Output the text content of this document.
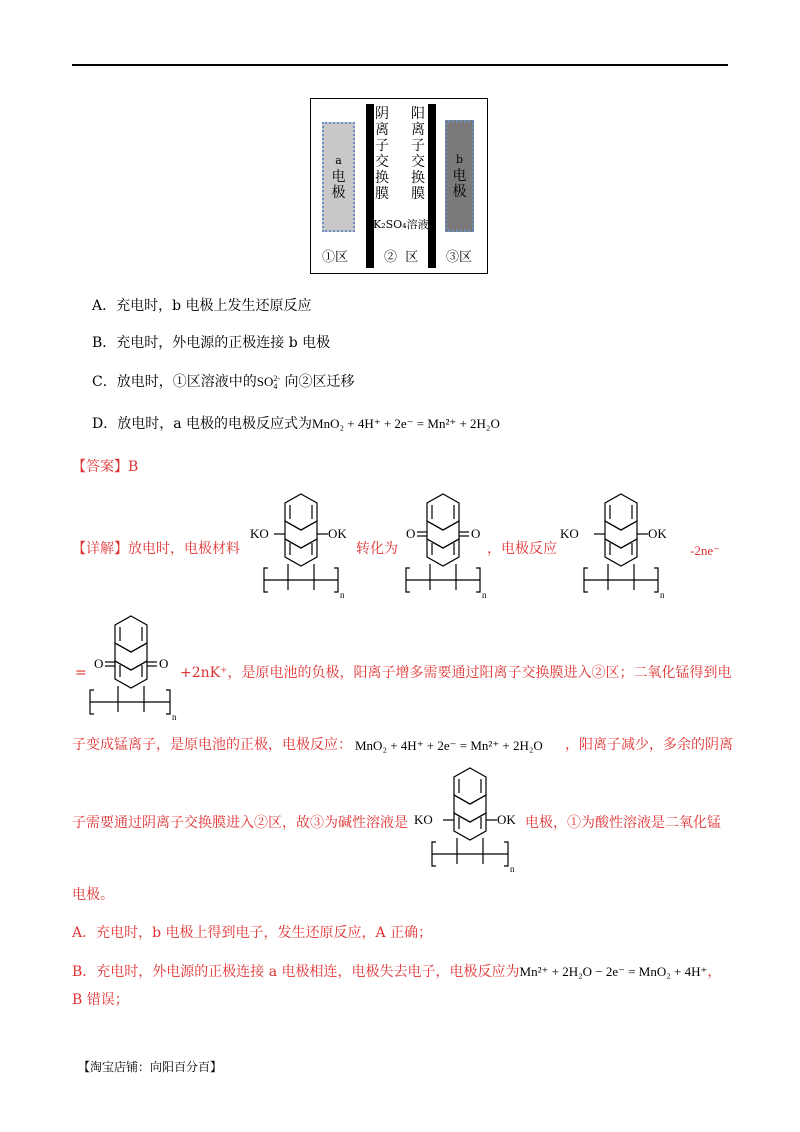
a
电极
b
电极
阴离子交换膜
阳离子交换膜
K₂SO₄溶液
①区	②  区 ③区
A．充电时，b 电极上发生还原反应
B．充电时，外电源的正极连接 b 电极
C．放电时，①区溶液中的SO 2-
4 向②区迁移
D．放电时，a 电极的电极反应式为MnO₂ + 4H⁺ + 2e⁻ = Mn²⁺ + 2H₂O
【答案】B
【详解】放电时，电极材料	转化为	，电极反应	-2ne⁻
=	+2nK⁺，是原电池的负极，阳离子增多需要通过阳离子交换膜进入②区；二氧化锰得到电
子变成锰离子，是原电池的正极，电极反应： MnO₂ + 4H⁺ + 2e⁻ = Mn²⁺ + 2H₂O ，阳离子减少，多余的阴离
子需要通过阴离子交换膜进入②区，故③为碱性溶液是	电极，①为酸性溶液是二氧化锰
电极。
A．充电时，b 电极上得到电子，发生还原反应，A 正确；
B．充电时，外电源的正极连接 a 电极相连，电极失去电子，电极反应为Mn²⁺ + 2H₂O − 2e⁻ = MnO₂ + 4H⁺，
B 错误；
【淘宝店铺：向阳百分百】
KO	OK
n
O	O
n
KO	OK
n
O	O
n
KO	OK
n
